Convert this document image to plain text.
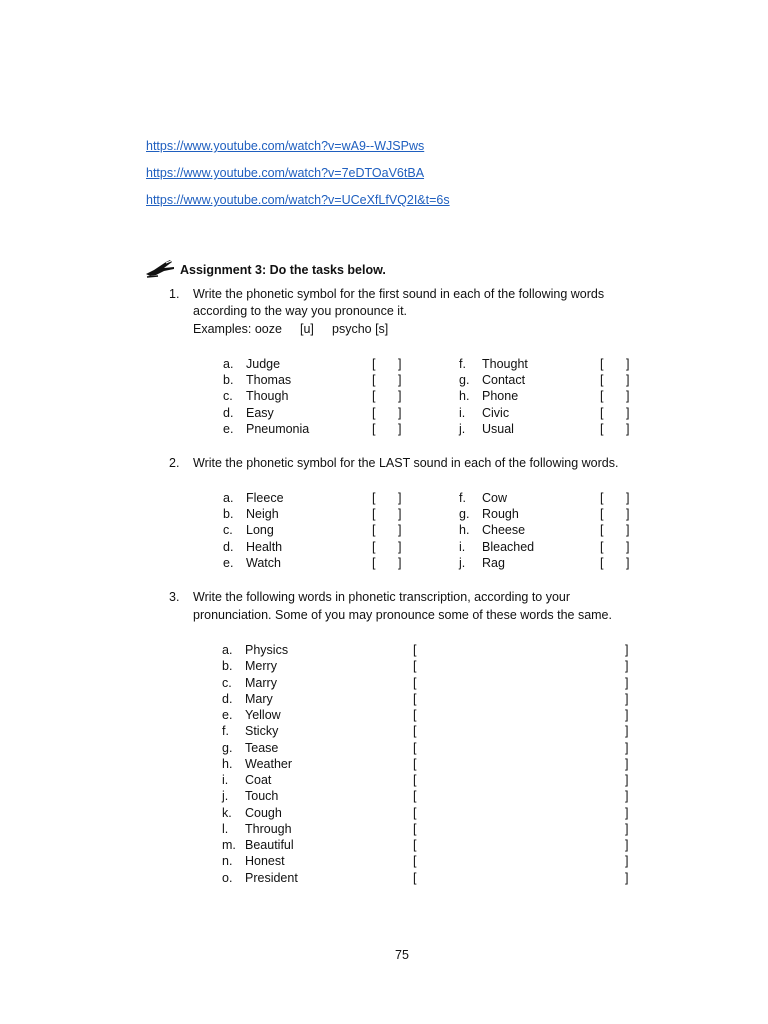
https://www.youtube.com/watch?v=wA9--WJSPws
https://www.youtube.com/watch?v=7eDTOaV6tBA
https://www.youtube.com/watch?v=UCeXfLfVQ2I&t=6s
Assignment 3: Do the tasks below.
1. Write the phonetic symbol for the first sound in each of the following words
according to the way you pronounce it.
Examples: ooze [u] psycho [s]
a. Judge	[ ]
b. Thomas	[ ]
c. Though	[ ]
d. Easy	[ ]
e. Pneumonia	[ ]
f. Thought	[ ]
g. Contact	[ ]
h. Phone	[ ]
i. Civic	[ ]
j. Usual	[ ]
2. Write the phonetic symbol for the LAST sound in each of the following words.
a. Fleece	[ ]
b. Neigh	[ ]
c. Long	[ ]
d. Health	[ ]
e. Watch	[ ]
f. Cow	[ ]
g. Rough	[ ]
h. Cheese	[ ]
i. Bleached	[ ]
j. Rag	[ ]
3. Write the following words in phonetic transcription, according to your
pronunciation. Some of you may pronounce some of these words the same.
a. Physics	[	]
b. Merry	[	]
c. Marry	[	]
d. Mary	[	]
e. Yellow	[	]
f. Sticky	[	]
g. Tease	[	]
h. Weather	[	]
i. Coat	[	]
j. Touch	[	]
k. Cough	[	]
l. Through	[	]
m. Beautiful	[	]
n. Honest	[	]
o. President	[	]
75
